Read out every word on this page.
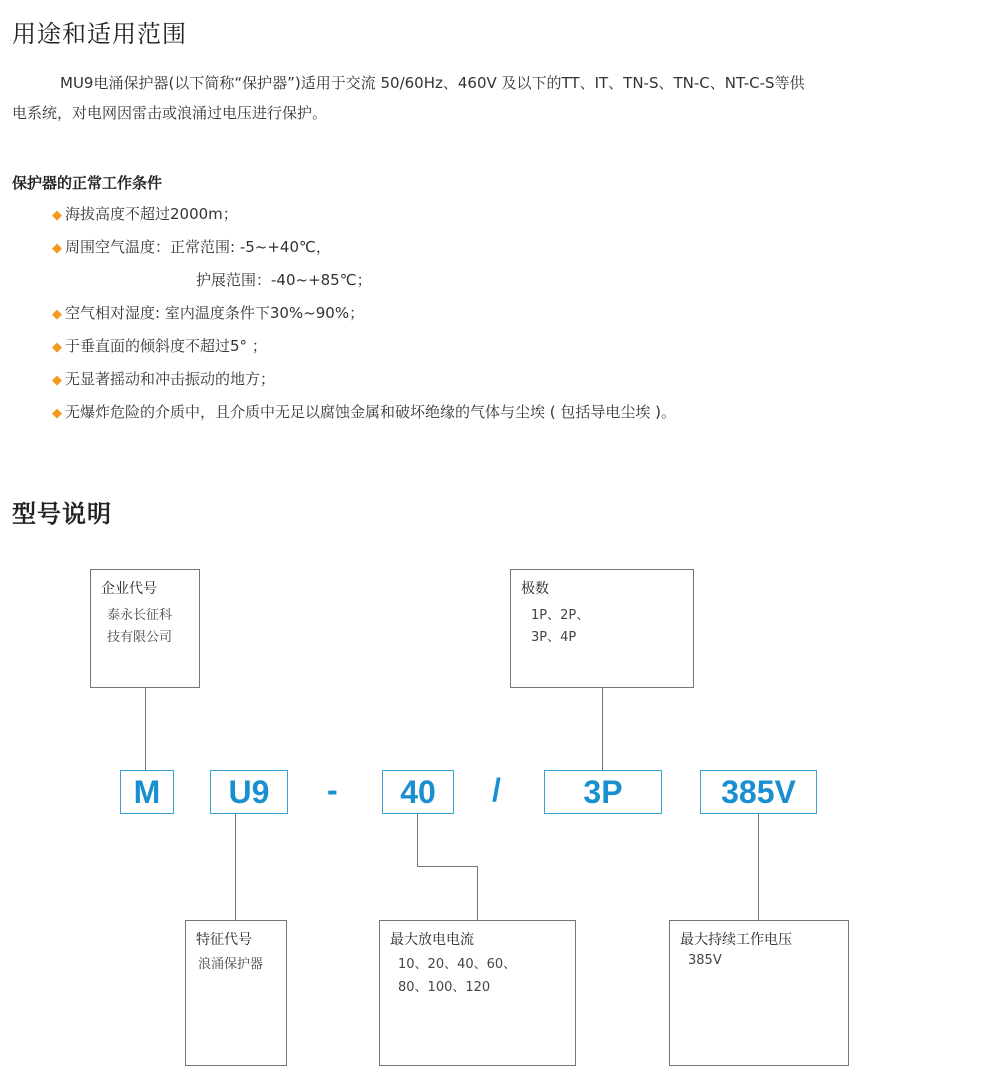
用途和适用范围
MU9电涌保护器(以下简称“保护器”)适用于交流 50/60Hz、460V 及以下的TT、IT、TN-S、TN-C、NT-C-S等供
电系统，对电网因雷击或浪涌过电压进行保护。
保护器的正常工作条件
◆ 海拔高度不超过2000m；
◆ 周围空气温度：正常范围: -5~+40℃，
护展范围：-40~+85℃；
◆ 空气相对湿度: 室内温度条件下30%~90%；
◆ 于垂直面的倾斜度不超过5° ；
◆ 无显著摇动和冲击振动的地方；
◆ 无爆炸危险的介质中，且介质中无足以腐蚀金属和破坏绝缘的气体与尘埃 ( 包括导电尘埃 )。
型号说明
企业代号
泰永长征科
技有限公司
极数
1P、2P、
3P、4P
M	U9	-	40	/	3P	385V
特征代号
浪涌保护器
最大放电电流
10、20、40、60、
80、100、120
最大持续工作电压
385V
